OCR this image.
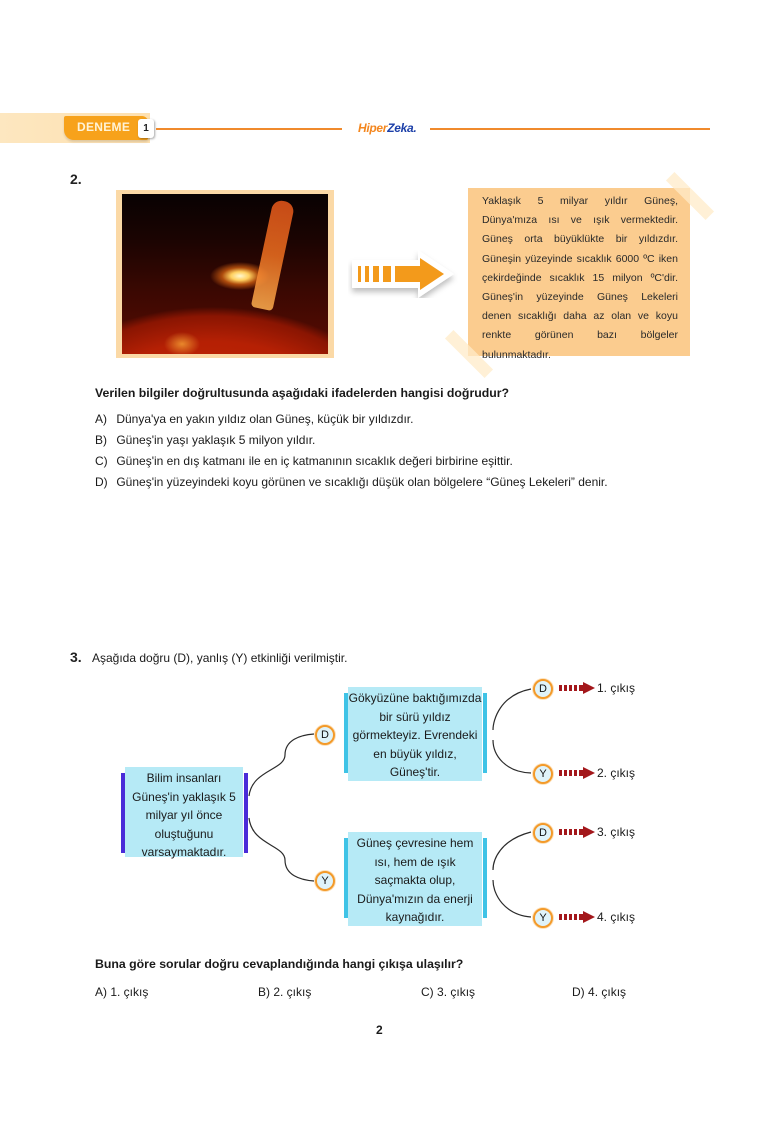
DENEME	1	HiperZeka.
2.
Yaklaşık 5 milyar yıldır Güneş, Dünya'mıza ısı ve ışık vermektedir. Güneş orta büyüklükte bir yıldızdır. Güneşin yüzeyinde sıcaklık 6000 ºC iken çekirdeğinde sıcaklık 15 milyon ºC'dir. Güneş'in yüzeyinde Güneş Lekeleri denen sıcaklığı daha az olan ve koyu renkte görünen bazı bölgeler bulunmaktadır.
Verilen bilgiler doğrultusunda aşağıdaki ifadelerden hangisi doğrudur?
A) Dünya'ya en yakın yıldız olan Güneş, küçük bir yıldızdır.
B) Güneş'in yaşı yaklaşık 5 milyon yıldır.
C) Güneş'in en dış katmanı ile en iç katmanının sıcaklık değeri birbirine eşittir.
D) Güneş'in yüzeyindeki koyu görünen ve sıcaklığı düşük olan bölgelere “Güneş Lekeleri” denir.
3. Aşağıda doğru (D), yanlış (Y) etkinliği verilmiştir.
Bilim insanları Güneş'in yaklaşık 5 milyar yıl önce oluştuğunu varsaymaktadır.
Gökyüzüne baktığımızda bir sürü yıldız görmekteyiz. Evrendeki en büyük yıldız, Güneş'tir.
Güneş çevresine hem ısı, hem de ışık saçmakta olup, Dünya'mızın da enerji kaynağıdır.
D
Y
D
Y
D
Y
1. çıkış
2. çıkış
3. çıkış
4. çıkış
Buna göre sorular doğru cevaplandığında hangi çıkışa ulaşılır?
A) 1. çıkış	B) 2. çıkış	C) 3. çıkış	D) 4. çıkış
2
